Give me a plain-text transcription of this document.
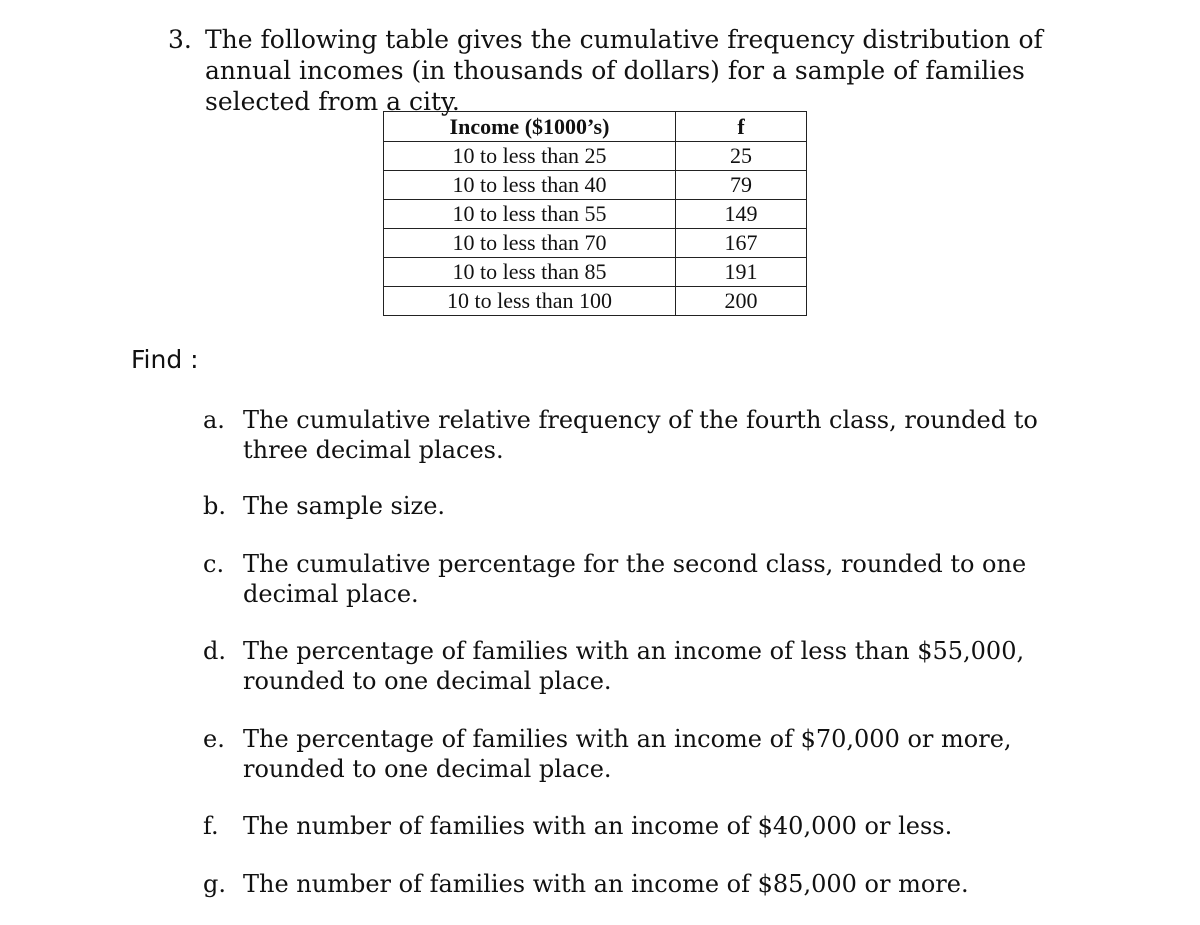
3. The following table gives the cumulative frequency distribution of annual incomes (in thousands of dollars) for a sample of families selected from a city.
Income ($1000’s)	f
10 to less than 25	25
10 to less than 40	79
10 to less than 55	149
10 to less than 70	167
10 to less than 85	191
10 to less than 100	200
Find :
a. The cumulative relative frequency of the fourth class, rounded to three decimal places.
b. The sample size.
c. The cumulative percentage for the second class, rounded to one decimal place.
d. The percentage of families with an income of less than $55,000, rounded to one decimal place.
e. The percentage of families with an income of $70,000 or more, rounded to one decimal place.
f. The number of families with an income of $40,000 or less.
g. The number of families with an income of $85,000 or more.
